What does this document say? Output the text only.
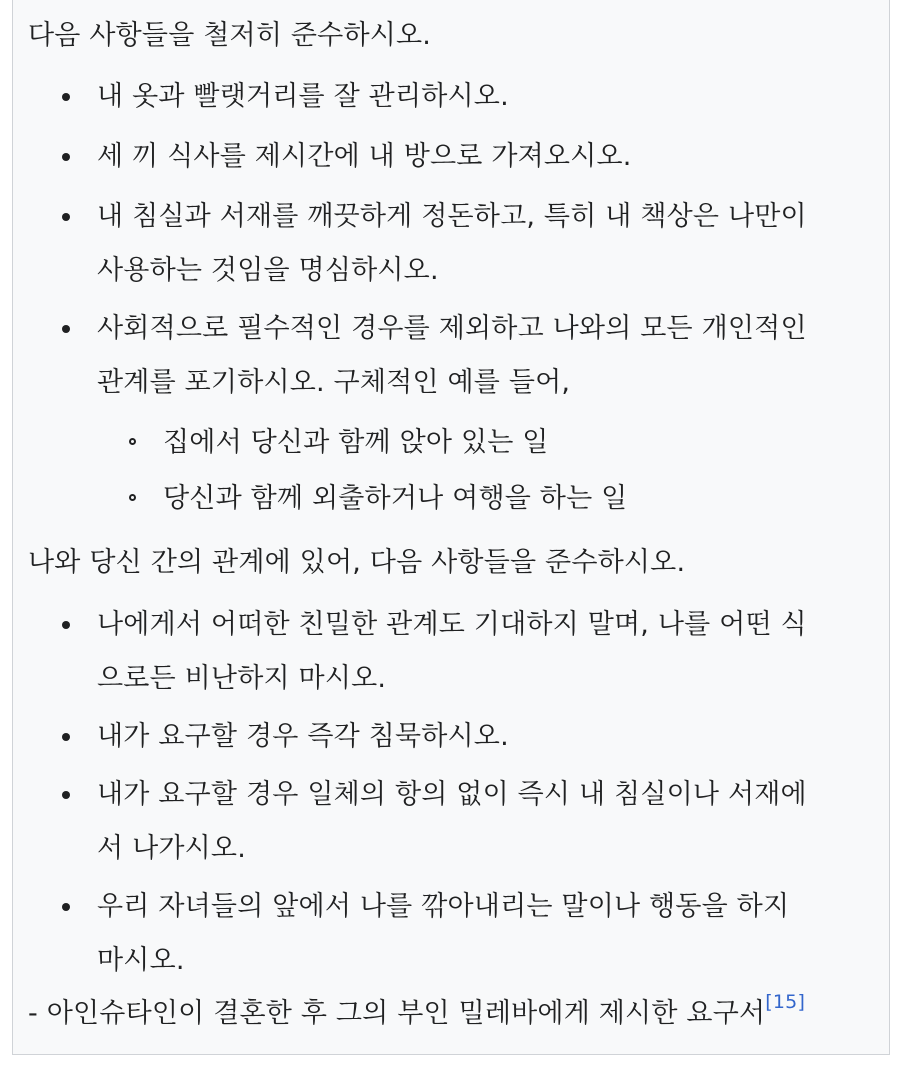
다음 사항들을 철저히 준수하시오.

내 옷과 빨랫거리를 잘 관리하시오.
세 끼 식사를 제시간에 내 방으로 가져오시오.
내 침실과 서재를 깨끗하게 정돈하고, 특히 내 책상은 나만이
사용하는 것임을 명심하시오.
사회적으로 필수적인 경우를 제외하고 나와의 모든 개인적인
관계를 포기하시오. 구체적인 예를 들어,
집에서 당신과 함께 앉아 있는 일
당신과 함께 외출하거나 여행을 하는 일

나와 당신 간의 관계에 있어, 다음 사항들을 준수하시오.

나에게서 어떠한 친밀한 관계도 기대하지 말며, 나를 어떤 식
으로든 비난하지 마시오.
내가 요구할 경우 즉각 침묵하시오.
내가 요구할 경우 일체의 항의 없이 즉시 내 침실이나 서재에
서 나가시오.
우리 자녀들의 앞에서 나를 깎아내리는 말이나 행동을 하지
마시오.

- 아인슈타인이 결혼한 후 그의 부인 밀레바에게 제시한 요구서[15]
